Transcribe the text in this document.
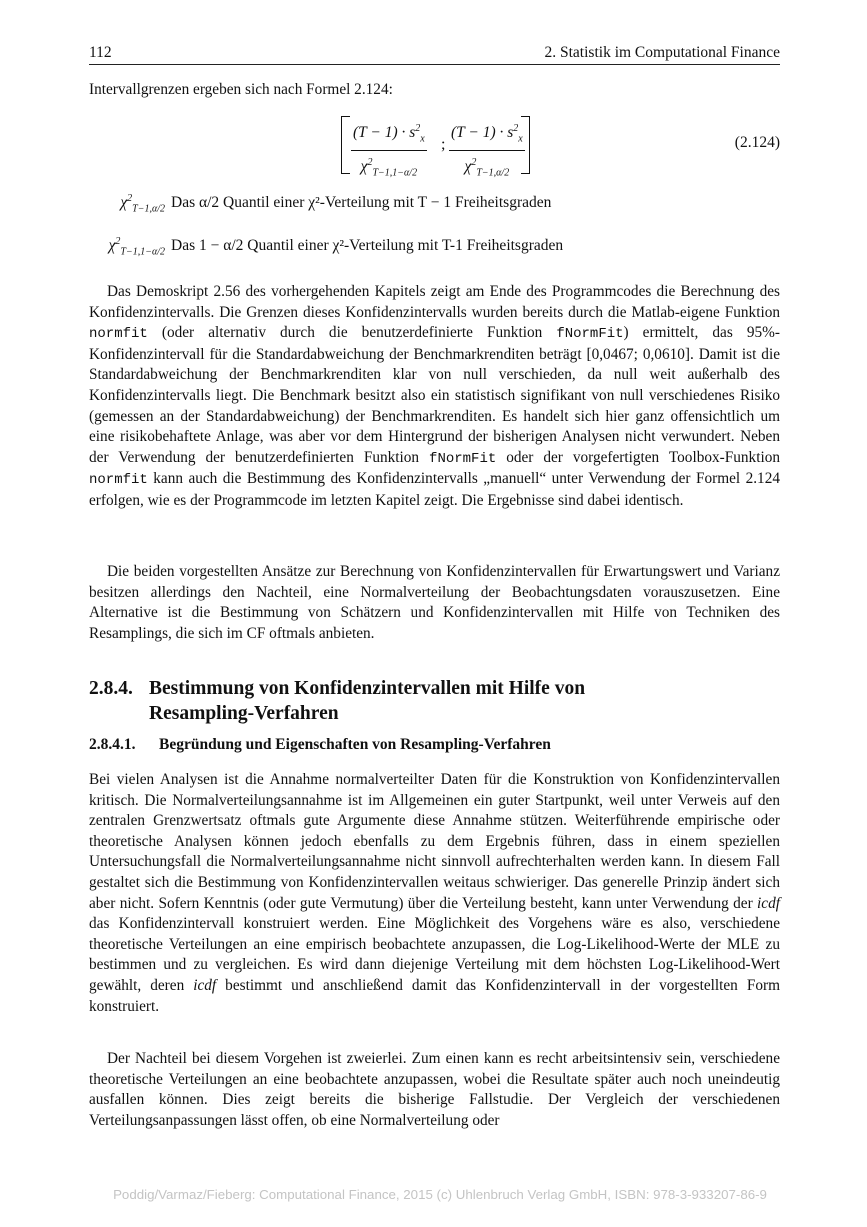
112	2. Statistik im Computational Finance

Intervallgrenzen ergeben sich nach Formel 2.124:

$\frac{(T - 1) \cdot s^2_x}{\chi^2_{T-1,1-\alpha/2}}$ ; $\frac{(T - 1) \cdot s^2_x}{\chi^2_{T-1,\alpha/2}}$	(2.124)
$\chi^2_{T-1,\alpha/2}$ Das α/2 Quantil einer χ²-Verteilung mit T − 1 Freiheitsgraden
$\chi^2_{T-1,1-\alpha/2}$ Das 1 − α/2 Quantil einer χ²-Verteilung mit T-1 Freiheitsgraden

Das Demoskript 2.56 des vorhergehenden Kapitels zeigt am Ende des Programmcodes die Berechnung des Konfidenzintervalls. Die Grenzen dieses Konfidenzintervalls wurden bereits durch die Matlab-eigene Funktion normfit (oder alternativ durch die benutzerdefinierte Funktion fNormFit) ermittelt, das 95%-Konfidenzintervall für die Standardabweichung der Benchmarkrenditen beträgt [0,0467; 0,0610]. Damit ist die Standardabweichung der Benchmarkrenditen klar von null verschieden, da null weit außerhalb des Konfidenzintervalls liegt. Die Benchmark besitzt also ein statistisch signifikant von null verschiedenes Risiko (gemessen an der Standardabweichung) der Benchmarkrenditen. Es handelt sich hier ganz offensichtlich um eine risikobehaftete Anlage, was aber vor dem Hintergrund der bisherigen Analysen nicht verwundert. Neben der Verwendung der benutzerdefinierten Funktion fNormFit oder der vorgefertigten Toolbox-Funktion normfit kann auch die Bestimmung des Konfidenzintervalls „manuell“ unter Verwendung der Formel 2.124 erfolgen, wie es der Programmcode im letzten Kapitel zeigt. Die Ergebnisse sind dabei identisch.

Die beiden vorgestellten Ansätze zur Berechnung von Konfidenzintervallen für Erwartungswert und Varianz besitzen allerdings den Nachteil, eine Normalverteilung der Beobachtungsdaten vorauszusetzen. Eine Alternative ist die Bestimmung von Schätzern und Konfidenzintervallen mit Hilfe von Techniken des Resamplings, die sich im CF oftmals anbieten.

2.8.4. Bestimmung von Konfidenzintervallen mit Hilfe von
Resampling-Verfahren
2.8.4.1. Begründung und Eigenschaften von Resampling-Verfahren

Bei vielen Analysen ist die Annahme normalverteilter Daten für die Konstruktion von Konfidenzintervallen kritisch. Die Normalverteilungsannahme ist im Allgemeinen ein guter Startpunkt, weil unter Verweis auf den zentralen Grenzwertsatz oftmals gute Argumente diese Annahme stützen. Weiterführende empirische oder theoretische Analysen können jedoch ebenfalls zu dem Ergebnis führen, dass in einem speziellen Untersuchungsfall die Normalverteilungsannahme nicht sinnvoll aufrechterhalten werden kann. In diesem Fall gestaltet sich die Bestimmung von Konfidenzintervallen weitaus schwieriger. Das generelle Prinzip ändert sich aber nicht. Sofern Kenntnis (oder gute Vermutung) über die Verteilung besteht, kann unter Verwendung der icdf das Konfidenzintervall konstruiert werden. Eine Möglichkeit des Vorgehens wäre es also, verschiedene theoretische Verteilungen an eine empirisch beobachtete anzupassen, die Log-Likelihood-Werte der MLE zu bestimmen und zu vergleichen. Es wird dann diejenige Verteilung mit dem höchsten Log-Likelihood-Wert gewählt, deren icdf bestimmt und anschließend damit das Konfidenzintervall in der vorgestellten Form konstruiert.

Der Nachteil bei diesem Vorgehen ist zweierlei. Zum einen kann es recht arbeitsintensiv sein, verschiedene theoretische Verteilungen an eine beobachtete anzupassen, wobei die Resultate später auch noch uneindeutig ausfallen können. Dies zeigt bereits die bisherige Fallstudie. Der Vergleich der verschiedenen Verteilungsanpassungen lässt offen, ob eine Normalverteilung oder

Poddig/Varmaz/Fieberg: Computational Finance, 2015 (c) Uhlenbruch Verlag GmbH, ISBN: 978-3-933207-86-9
